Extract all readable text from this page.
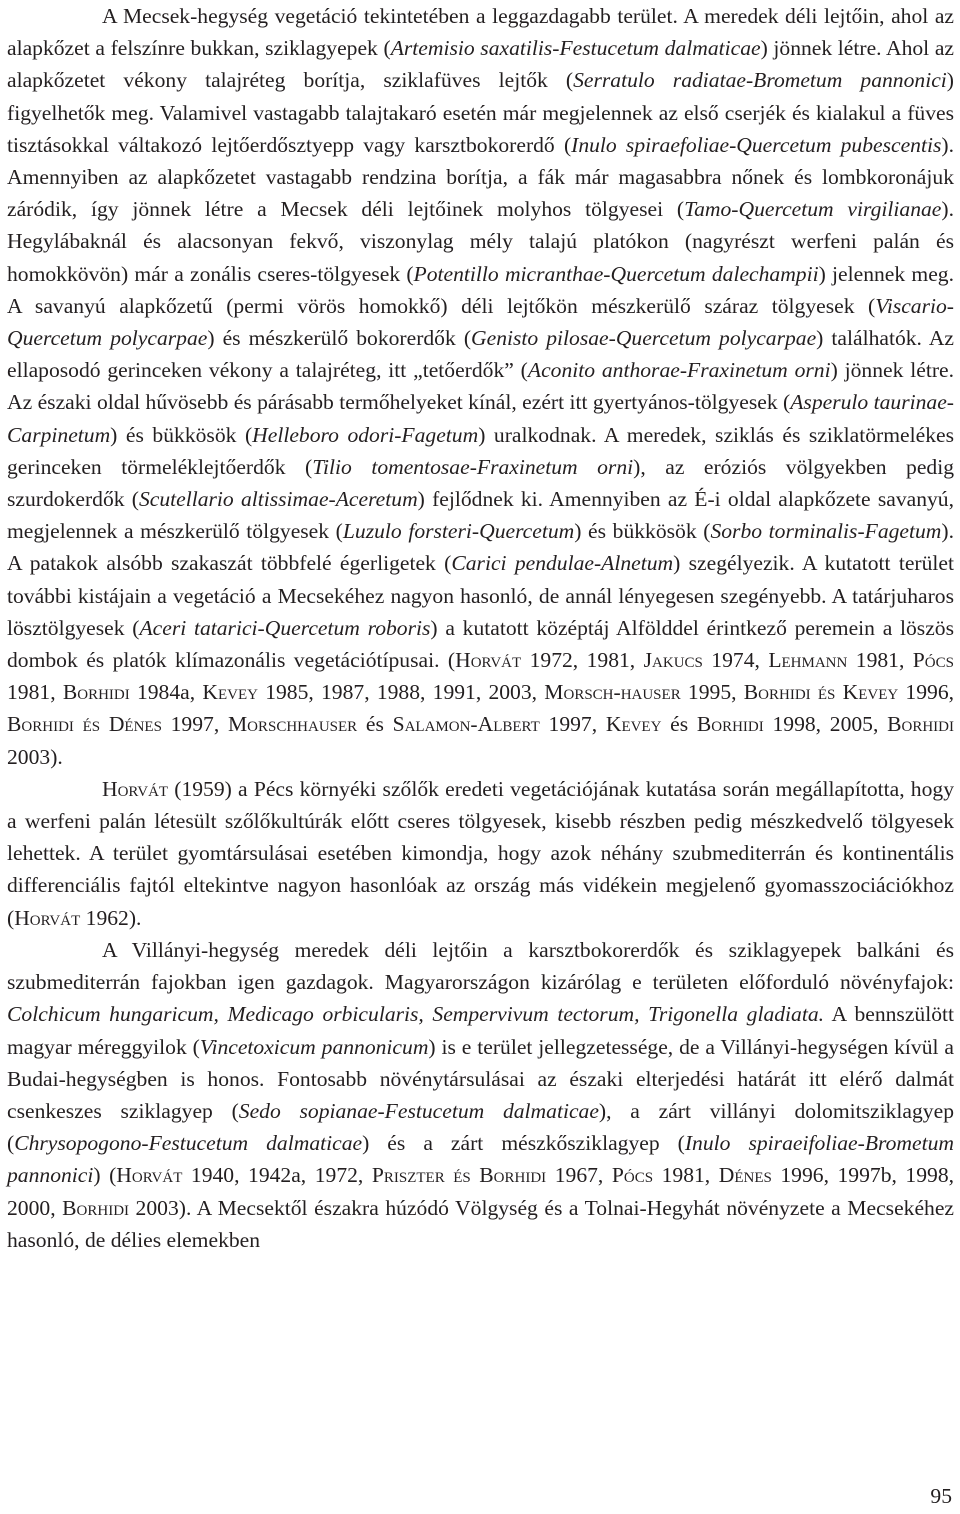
A Mecsek-hegység vegetáció tekintetében a leggazdagabb terület. A meredek déli lejtőin, ahol az alapkőzet a felszínre bukkan, sziklagyepek (Artemisio saxatilis-Festucetum dalmaticae) jönnek létre. Ahol az alapkőzetet vékony talajréteg borítja, sziklafüves lejtők (Serratulo radiatae-Brometum pannonici) figyelhetők meg. Valamivel vastagabb talajtakaró esetén már megjelennek az első cserjék és kialakul a füves tisztásokkal váltakozó lejtőerdősztyepp vagy karsztbokorerdő (Inulo spiraefoliae-Quercetum pubescentis). Amennyiben az alapkőzetet vastagabb rendzina borítja, a fák már magasabbra nőnek és lombkoronájuk záródik, így jönnek létre a Mecsek déli lejtőinek molyhos tölgyesei (Tamo-Quercetum virgilianae). Hegylábaknál és alacsonyan fekvő, viszonylag mély talajú platókon (nagyrészt werfeni palán és homokkövön) már a zonális cseres-tölgyesek (Potentillo micranthae-Quercetum dalechampii) jelennek meg. A savanyú alapkőzetű (permi vörös homokkő) déli lejtőkön mészkerülő száraz tölgyesek (Viscario-Quercetum polycarpae) és mészkerülő bokorerdők (Genisto pilosae-Quercetum polycarpae) találhatók. Az ellaposodó gerinceken vékony a talajréteg, itt „tetőerdők” (Aconito anthorae-Fraxinetum orni) jönnek létre. Az északi oldal hűvösebb és párásabb termőhelyeket kínál, ezért itt gyertyános-tölgyesek (Asperulo taurinae-Carpinetum) és bükkösök (Helleboro odori-Fagetum) uralkodnak. A meredek, sziklás és sziklatörmelékes gerinceken törmeléklejtőerdők (Tilio tomentosae-Fraxinetum orni), az eróziós völgyekben pedig szurdokerdők (Scutellario altissimae-Aceretum) fejlődnek ki. Amennyiben az É-i oldal alapkőzete savanyú, megjelennek a mészkerülő tölgyesek (Luzulo forsteri-Quercetum) és bükkösök (Sorbo torminalis-Fagetum). A patakok alsóbb szakaszát többfelé égerligetek (Carici pendulae-Alnetum) szegélyezik. A kutatott terület további kistájain a vegetáció a Mecsekéhez nagyon hasonló, de annál lényegesen szegényebb. A tatárjuharos lösztölgyesek (Aceri tatarici-Quercetum roboris) a kutatott középtáj Alfölddel érintkező peremein a löszös dombok és platók klímazonális vegetációtípusai. (Horvát 1972, 1981, Jakucs 1974, Lehmann 1981, Pócs 1981, Borhidi 1984a, Kevey 1985, 1987, 1988, 1991, 2003, Morsch-hauser 1995, Borhidi és Kevey 1996, Borhidi és Dénes 1997, Morschhauser és Salamon-Albert 1997, Kevey és Borhidi 1998, 2005, Borhidi 2003).

Horvát (1959) a Pécs környéki szőlők eredeti vegetációjának kutatása során megállapította, hogy a werfeni palán létesült szőlőkultúrák előtt cseres tölgyesek, kisebb részben pedig mészkedvelő tölgyesek lehettek. A terület gyomtársulásai esetében kimondja, hogy azok néhány szubmediterrán és kontinentális differenciális fajtól eltekintve nagyon hasonlóak az ország más vidékein megjelenő gyomasszociációkhoz (Horvát 1962).

A Villányi-hegység meredek déli lejtőin a karsztbokorerdők és sziklagyepek balkáni és szubmediterrán fajokban igen gazdagok. Magyarországon kizárólag e területen előforduló növényfajok: Colchicum hungaricum, Medicago orbicularis, Sempervivum tectorum, Trigonella gladiata. A bennszülött magyar méreggyilok (Vincetoxicum pannonicum) is e terület jellegzetessége, de a Villányi-hegységen kívül a Budai-hegységben is honos. Fontosabb növénytársulásai az északi elterjedési határát itt elérő dalmát csenkeszes sziklagyep (Sedo sopianae-Festucetum dalmaticae), a zárt villányi dolomitsziklagyep (Chrysopogono-Festucetum dalmaticae) és a zárt mészkősziklagyep (Inulo spiraeifoliae-Brometum pannonici) (Horvát 1940, 1942a, 1972, Priszter és Borhidi 1967, Pócs 1981, Dénes 1996, 1997b, 1998, 2000, Borhidi 2003). A Mecsektől északra húzódó Völgység és a Tolnai-Hegyhát növényzete a Mecsekéhez hasonló, de délies elemekben

95
